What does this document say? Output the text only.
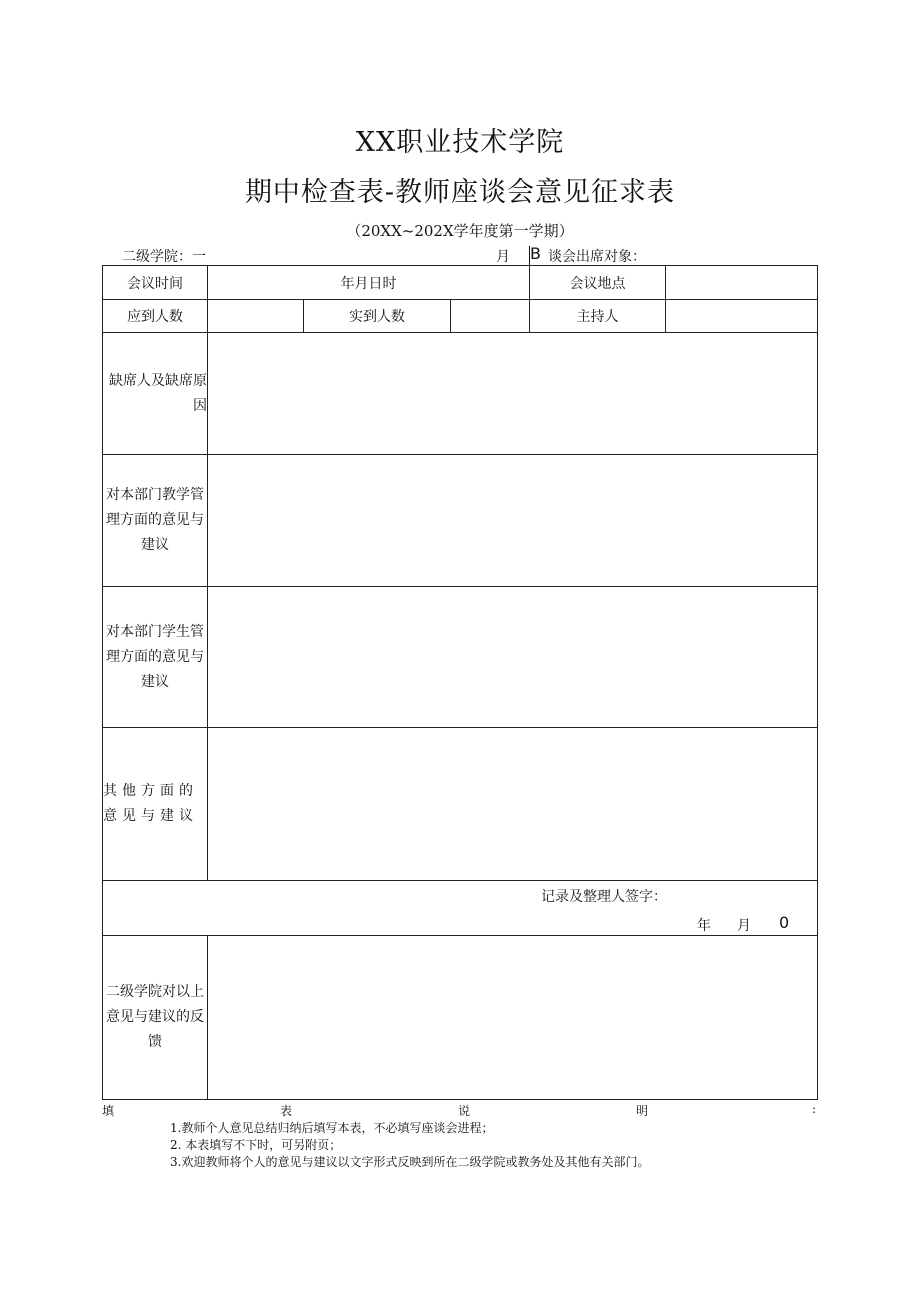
XX职业技术学院
期中检查表-教师座谈会意见征求表
（20XX~202X学年度第一学期）
二级学院：一	月 B 谈会出席对象：
会议时间	年月日时			会议地点	
应到人数		实到人数		主持人	
缺席人及缺席原因					
对本部门教学管理方面的意见与建议					
对本部门学生管理方面的意见与建议					
其他方面的意见与建议					

记录及整理人签字：
年 月 0					

二级学院对以上意见与建议的反馈					
填	表	说	明	:
1.教师个人意见总结归纳后填写本表，不必填写座谈会进程；
2. 本表填写不下时，可另附页；
3.欢迎教师将个人的意见与建议以文字形式反映到所在二级学院或教务处及其他有关部门。
